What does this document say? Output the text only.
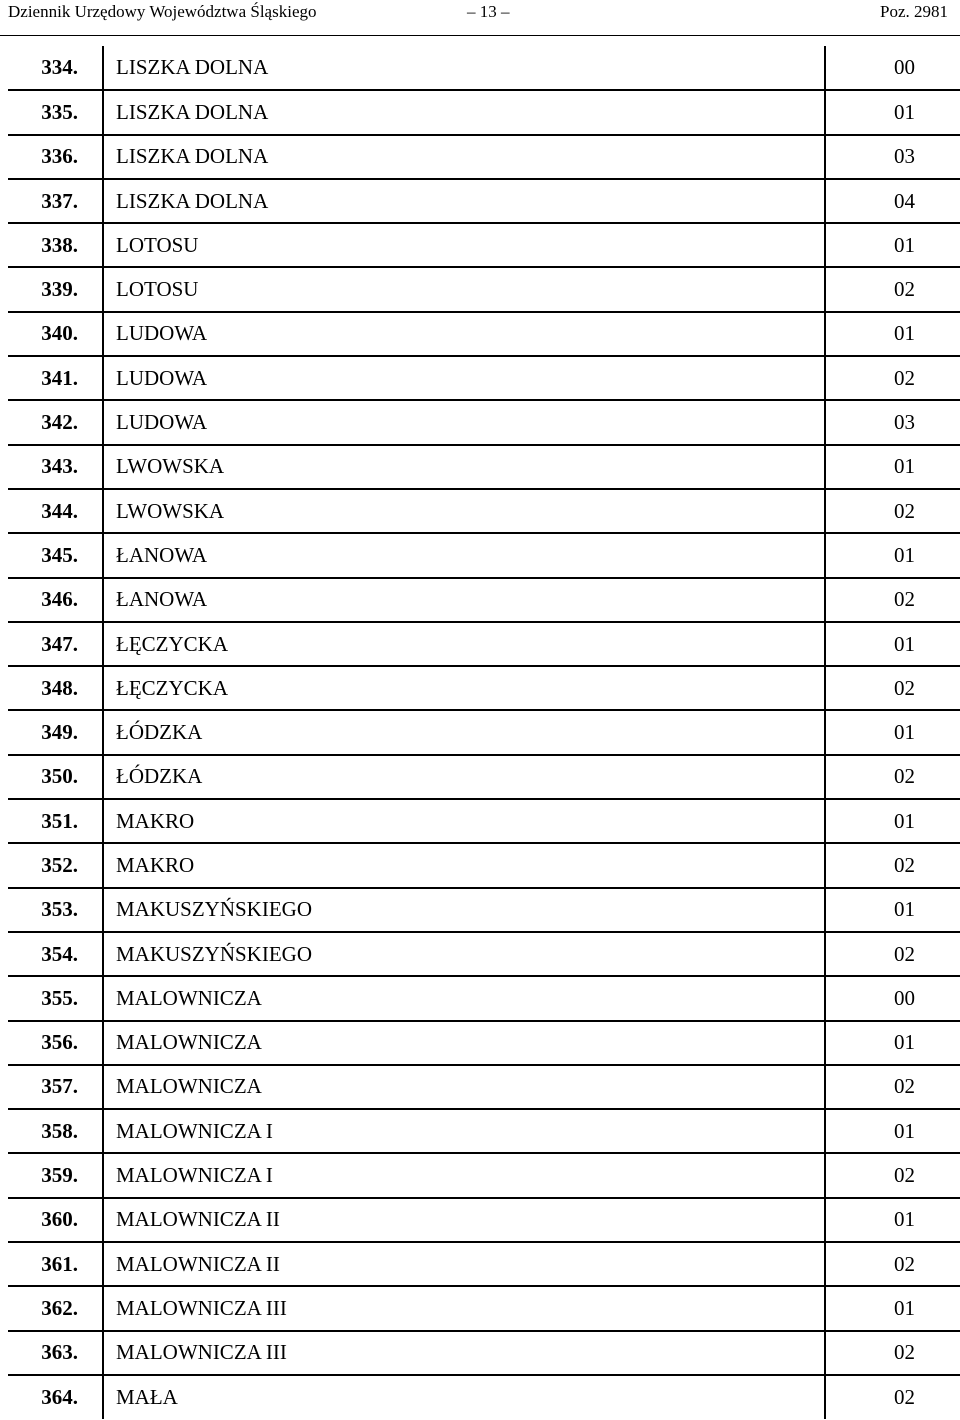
Dziennik Urzędowy Województwa Śląskiego	– 13 –	Poz. 2981
334.	LISZKA DOLNA	00
335.	LISZKA DOLNA	01
336.	LISZKA DOLNA	03
337.	LISZKA DOLNA	04
338.	LOTOSU	01
339.	LOTOSU	02
340.	LUDOWA	01
341.	LUDOWA	02
342.	LUDOWA	03
343.	LWOWSKA	01
344.	LWOWSKA	02
345.	ŁANOWA	01
346.	ŁANOWA	02
347.	ŁĘCZYCKA	01
348.	ŁĘCZYCKA	02
349.	ŁÓDZKA	01
350.	ŁÓDZKA	02
351.	MAKRO	01
352.	MAKRO	02
353.	MAKUSZYŃSKIEGO	01
354.	MAKUSZYŃSKIEGO	02
355.	MALOWNICZA	00
356.	MALOWNICZA	01
357.	MALOWNICZA	02
358.	MALOWNICZA I	01
359.	MALOWNICZA I	02
360.	MALOWNICZA II	01
361.	MALOWNICZA II	02
362.	MALOWNICZA III	01
363.	MALOWNICZA III	02
364.	MAŁA	02
